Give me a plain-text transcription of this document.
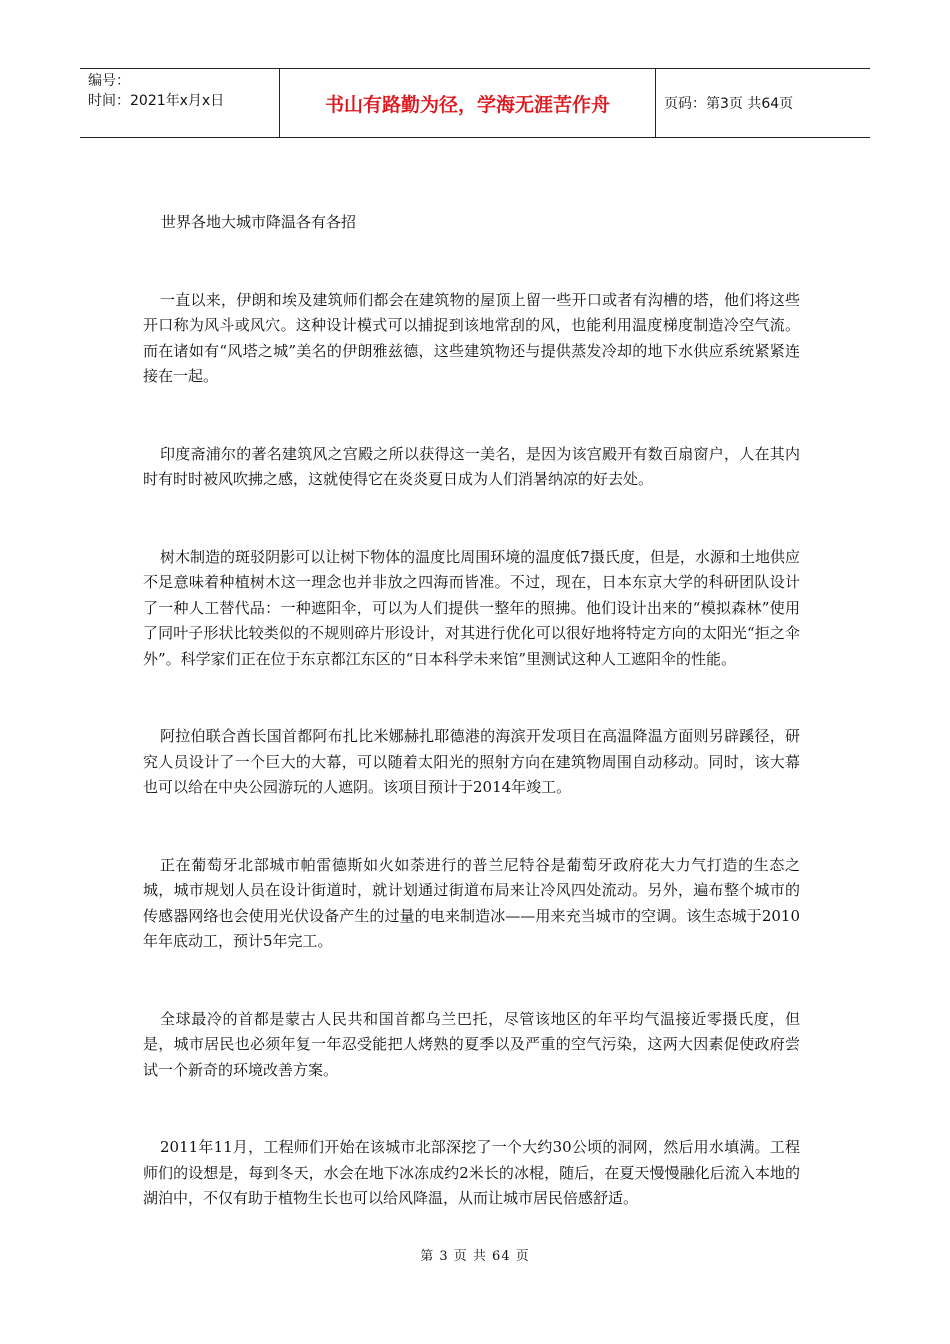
编号：
时间：2021年x月x日	书山有路勤为径，学海无涯苦作舟	页码：第3页 共64页

世界各地大城市降温各有各招

一直以来，伊朗和埃及建筑师们都会在建筑物的屋顶上留一些开口或者有沟槽的塔，他们将这些开口称为风斗或风穴。这种设计模式可以捕捉到该地常刮的风，也能利用温度梯度制造冷空气流。而在诸如有“风塔之城”美名的伊朗雅兹德，这些建筑物还与提供蒸发冷却的地下水供应系统紧紧连接在一起。

印度斋浦尔的著名建筑风之宫殿之所以获得这一美名，是因为该宫殿开有数百扇窗户，人在其内时有时时被风吹拂之感，这就使得它在炎炎夏日成为人们消暑纳凉的好去处。

树木制造的斑驳阴影可以让树下物体的温度比周围环境的温度低7摄氏度，但是，水源和土地供应不足意味着种植树木这一理念也并非放之四海而皆准。不过，现在，日本东京大学的科研团队设计了一种人工替代品：一种遮阳伞，可以为人们提供一整年的照拂。他们设计出来的“模拟森林”使用了同叶子形状比较类似的不规则碎片形设计，对其进行优化可以很好地将特定方向的太阳光“拒之伞外”。科学家们正在位于东京都江东区的“日本科学未来馆”里测试这种人工遮阳伞的性能。

阿拉伯联合酋长国首都阿布扎比米娜赫扎耶德港的海滨开发项目在高温降温方面则另辟蹊径，研究人员设计了一个巨大的大幕，可以随着太阳光的照射方向在建筑物周围自动移动。同时，该大幕也可以给在中央公园游玩的人遮阴。该项目预计于2014年竣工。

正在葡萄牙北部城市帕雷德斯如火如荼进行的普兰尼特谷是葡萄牙政府花大力气打造的生态之城，城市规划人员在设计街道时，就计划通过街道布局来让冷风四处流动。另外，遍布整个城市的传感器网络也会使用光伏设备产生的过量的电来制造冰——用来充当城市的空调。该生态城于2010年年底动工，预计5年完工。

全球最冷的首都是蒙古人民共和国首都乌兰巴托，尽管该地区的年平均气温接近零摄氏度，但是，城市居民也必须年复一年忍受能把人烤熟的夏季以及严重的空气污染，这两大因素促使政府尝试一个新奇的环境改善方案。

2011年11月，工程师们开始在该城市北部深挖了一个大约30公顷的洞网，然后用水填满。工程师们的设想是，每到冬天，水会在地下冰冻成约2米长的冰棍，随后，在夏天慢慢融化后流入本地的湖泊中，不仅有助于植物生长也可以给风降温，从而让城市居民倍感舒适。

第 3 页 共 64 页
